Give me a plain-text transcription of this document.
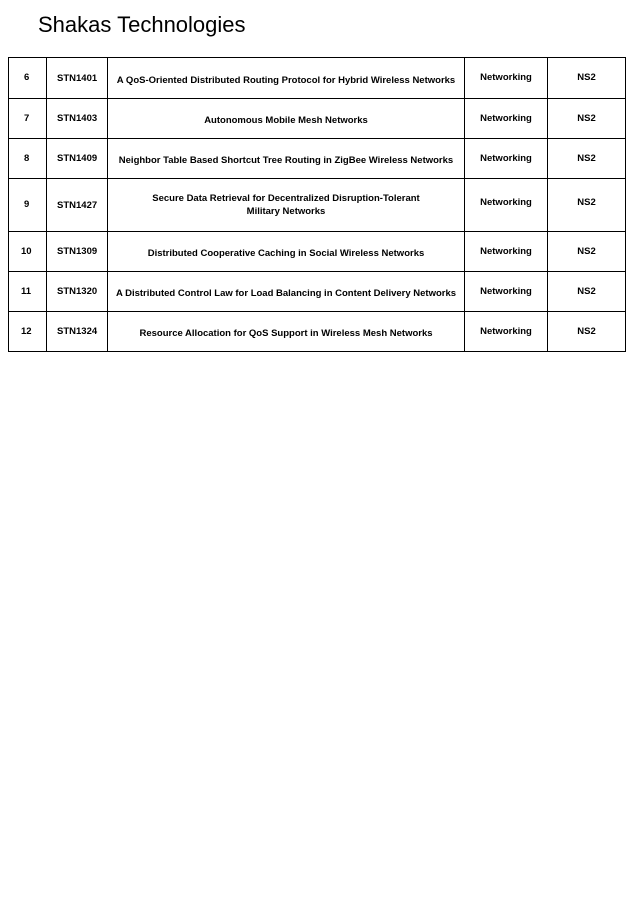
Shakas Technologies
6	STN1401	A QoS-Oriented Distributed Routing Protocol for Hybrid Wireless Networks	Networking	NS2
7	STN1403	Autonomous Mobile Mesh Networks	Networking	NS2
8	STN1409	Neighbor Table Based Shortcut Tree Routing in ZigBee Wireless Networks	Networking	NS2
9	STN1427	Secure Data Retrieval for Decentralized Disruption-Tolerant Military Networks	Networking	NS2
10	STN1309	Distributed Cooperative Caching in Social Wireless Networks	Networking	NS2
11	STN1320	A Distributed Control Law for Load Balancing in Content Delivery Networks	Networking	NS2
12	STN1324	Resource Allocation for QoS Support in Wireless Mesh Networks	Networking	NS2
